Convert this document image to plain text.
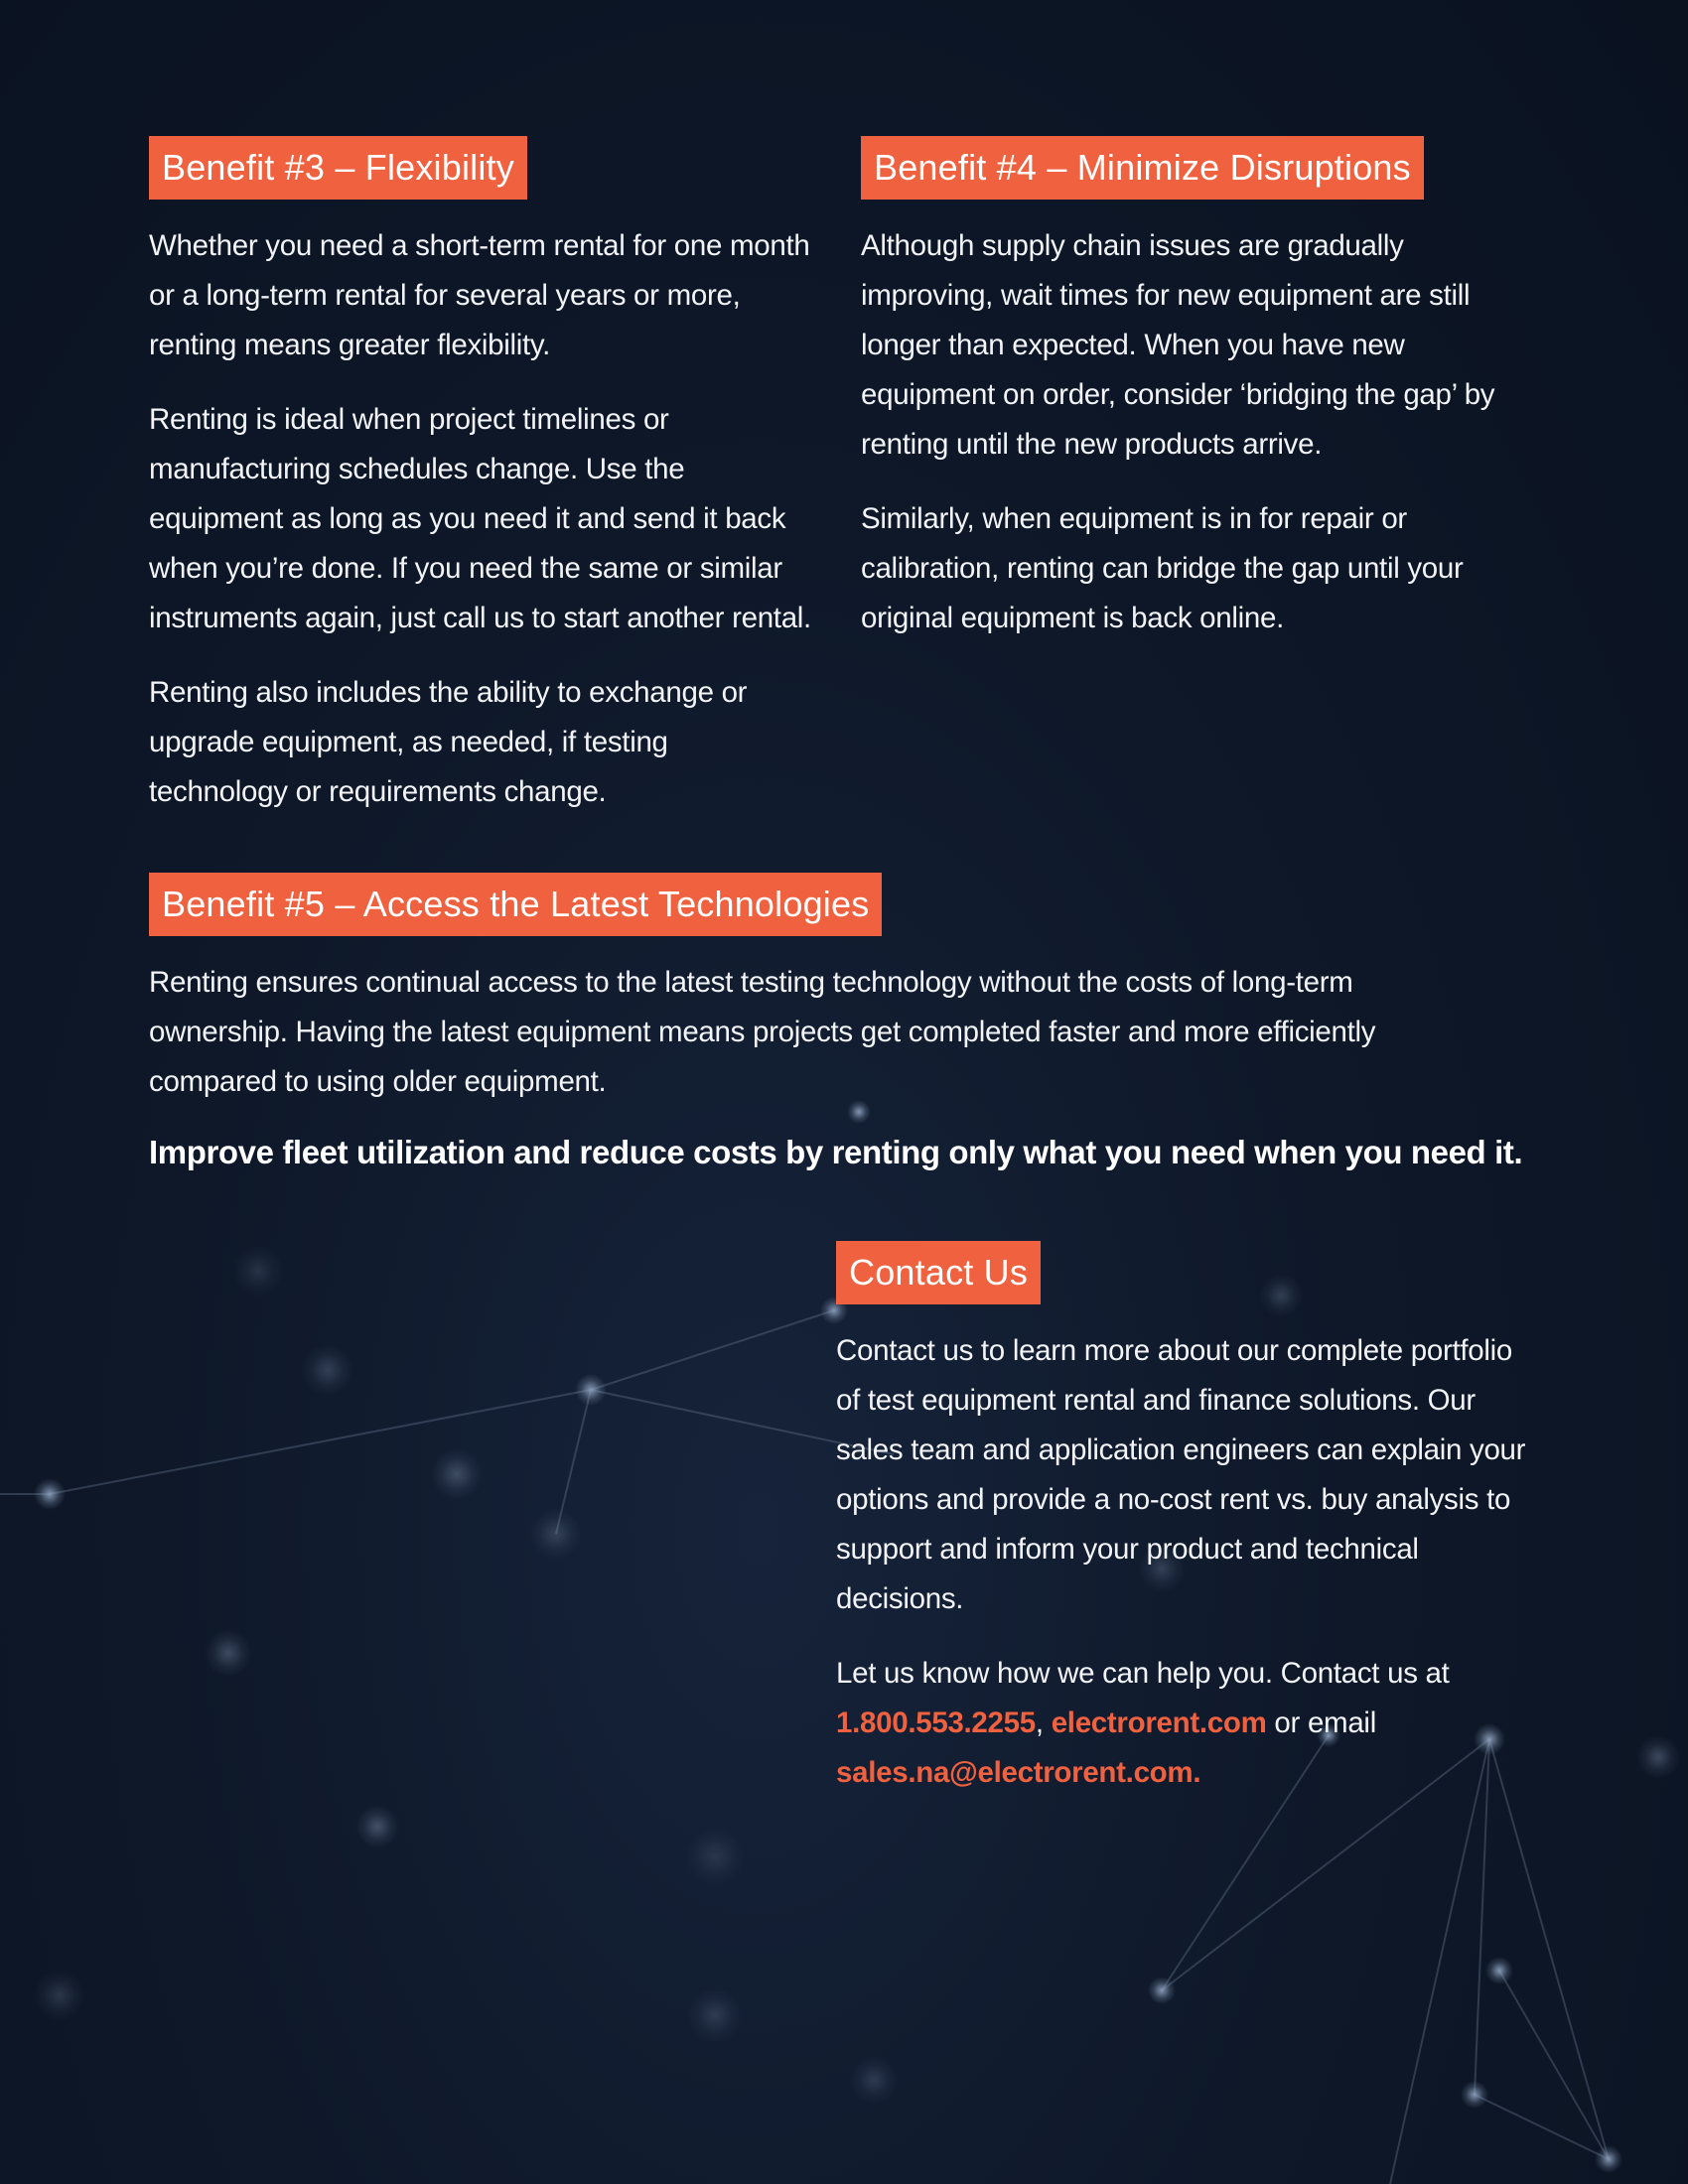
Benefit #3 – Flexibility

Whether you need a short-term rental for one month or a long-term rental for several years or more, renting means greater flexibility.

Renting is ideal when project timelines or manufacturing schedules change. Use the equipment as long as you need it and send it back when you’re done. If you need the same or similar instruments again, just call us to start another rental.

Renting also includes the ability to exchange or upgrade equipment, as needed, if testing technology or requirements change.

Benefit #4 – Minimize Disruptions

Although supply chain issues are gradually improving, wait times for new equipment are still longer than expected. When you have new equipment on order, consider ‘bridging the gap’ by renting until the new products arrive.

Similarly, when equipment is in for repair or calibration, renting can bridge the gap until your original equipment is back online.

Benefit #5 – Access the Latest Technologies

Renting ensures continual access to the latest testing technology without the costs of long-term ownership. Having the latest equipment means projects get completed faster and more efficiently compared to using older equipment.

Improve fleet utilization and reduce costs by renting only what you need when you need it.

Contact Us

Contact us to learn more about our complete portfolio of test equipment rental and finance solutions. Our sales team and application engineers can explain your options and provide a no-cost rent vs. buy analysis to support and inform your product and technical decisions.

Let us know how we can help you. Contact us at 1.800.553.2255, electrorent.com or email sales.na@electrorent.com.
